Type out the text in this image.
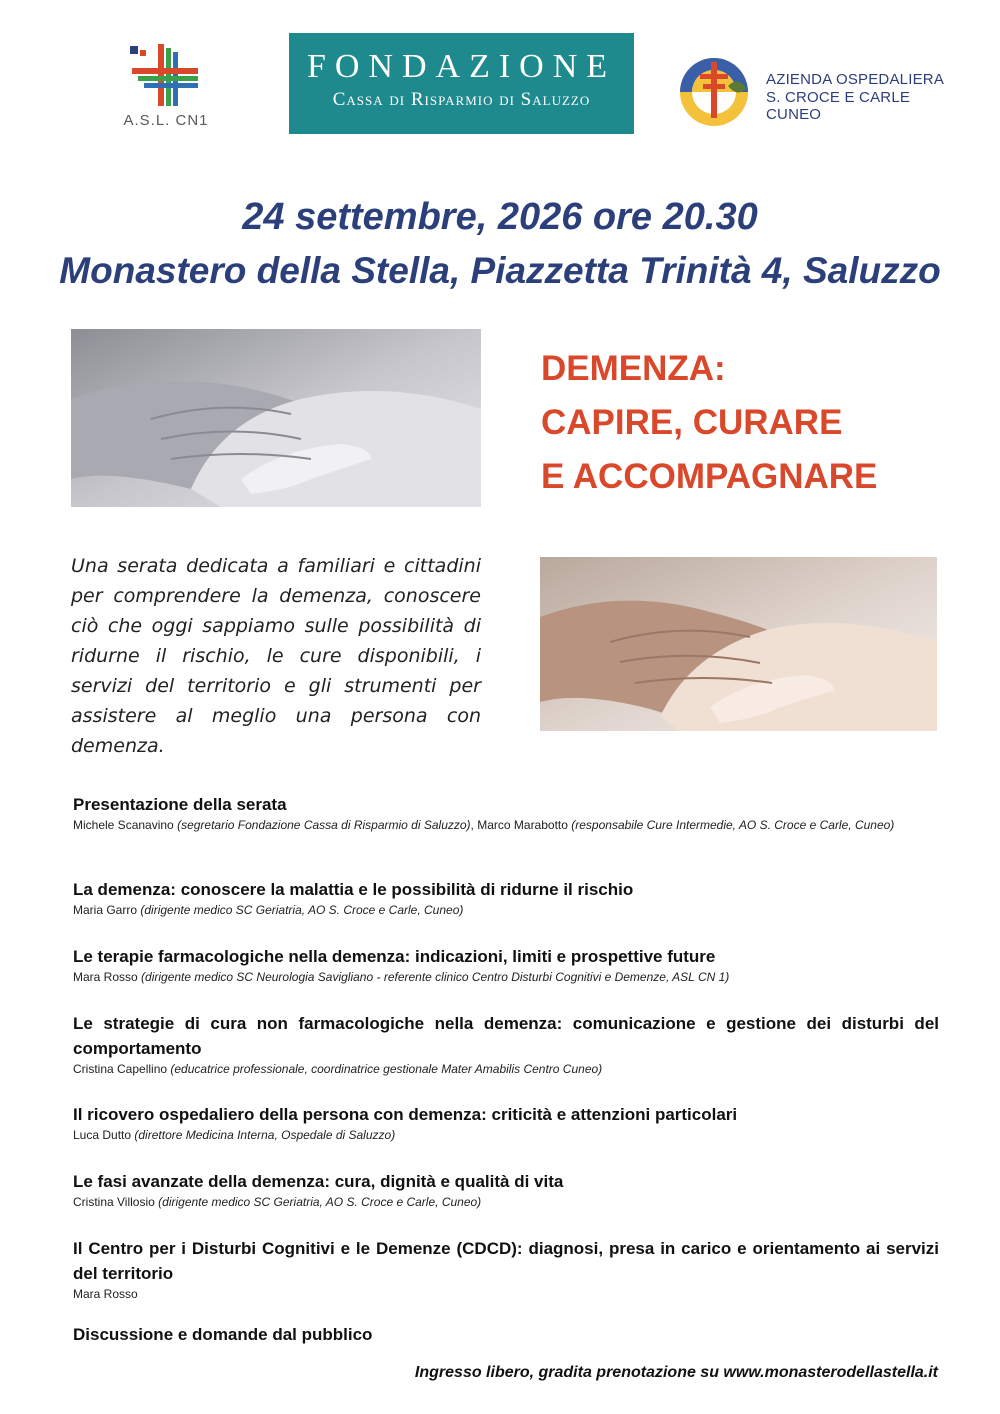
A.S.L. CN1
FONDAZIONE
Cassa di Risparmio di Saluzzo
AZIENDA OSPEDALIERA
S. CROCE E CARLE CUNEO
24 settembre, 2026 ore 20.30
Monastero della Stella, Piazzetta Trinità 4, Saluzzo
DEMENZA:
CAPIRE, CURARE
E ACCOMPAGNARE
Una serata dedicata a familiari e cittadini per comprendere la demenza, conoscere ciò che oggi sappiamo sulle possibilità di ridurne il rischio, le cure disponibili, i servizi del territorio e gli strumenti per assistere al meglio una persona con demenza.
Presentazione della serata
Michele Scanavino (segretario Fondazione Cassa di Risparmio di Saluzzo), Marco Marabotto (responsabile Cure Intermedie, AO S. Croce e Carle, Cuneo)
La demenza: conoscere la malattia e le possibilità di ridurne il rischio
Maria Garro (dirigente medico SC Geriatria, AO S. Croce e Carle, Cuneo)
Le terapie farmacologiche nella demenza: indicazioni, limiti e prospettive future
Mara Rosso (dirigente medico SC Neurologia Savigliano - referente clinico Centro Disturbi Cognitivi e Demenze, ASL CN 1)
Le strategie di cura non farmacologiche nella demenza: comunicazione e gestione dei disturbi del comportamento
Cristina Capellino (educatrice professionale, coordinatrice gestionale Mater Amabilis Centro Cuneo)
Il ricovero ospedaliero della persona con demenza: criticità e attenzioni particolari
Luca Dutto (direttore Medicina Interna, Ospedale di Saluzzo)
Le fasi avanzate della demenza: cura, dignità e qualità di vita
Cristina Villosio (dirigente medico SC Geriatria, AO S. Croce e Carle, Cuneo)
Il Centro per i Disturbi Cognitivi e le Demenze (CDCD): diagnosi, presa in carico e orientamento ai servizi del territorio
Mara Rosso
Discussione e domande dal pubblico
Ingresso libero, gradita prenotazione su www.monasterodellastella.it
